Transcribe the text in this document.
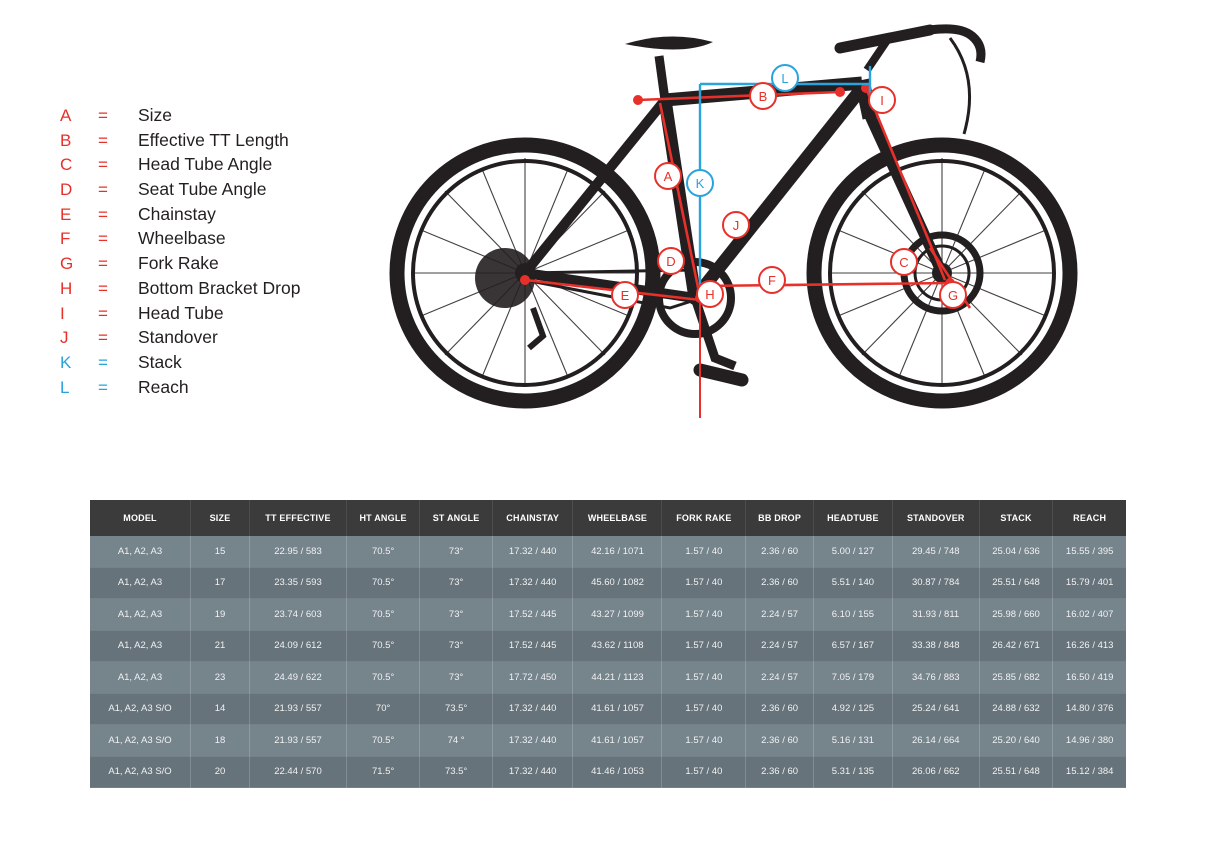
A	=	Size
B	=	Effective TT Length
C	=	Head Tube Angle
D	=	Seat Tube Angle
E	=	Chainstay
F	=	Wheelbase
G	=	Fork Rake
H	=	Bottom Bracket Drop
I	=	Head Tube
J	=	Standover
K	=	Stack
L	=	Reach
A
B
C
D
E
F
G
H
I
J
K
L
MODEL	SIZE	TT EFFECTIVE	HT ANGLE	ST ANGLE	CHAINSTAY	WHEELBASE	FORK RAKE	BB DROP	HEADTUBE	STANDOVER	STACK	REACH
A1, A2, A3	15	22.95 / 583	70.5°	73°	17.32 / 440	42.16 / 1071	1.57 / 40	2.36 / 60	5.00 / 127	29.45 / 748	25.04 / 636	15.55 / 395
A1, A2, A3	17	23.35 / 593	70.5°	73°	17.32 / 440	45.60 / 1082	1.57 / 40	2.36 / 60	5.51 / 140	30.87 / 784	25.51 / 648	15.79 / 401
A1, A2, A3	19	23.74 / 603	70.5°	73°	17.52 / 445	43.27 / 1099	1.57 / 40	2.24 / 57	6.10 / 155	31.93 / 811	25.98 / 660	16.02 / 407
A1, A2, A3	21	24.09 / 612	70.5°	73°	17.52 / 445	43.62 / 1108	1.57 / 40	2.24 / 57	6.57 / 167	33.38 / 848	26.42 / 671	16.26 / 413
A1, A2, A3	23	24.49 / 622	70.5°	73°	17.72 / 450	44.21 / 1123	1.57 / 40	2.24 / 57	7.05 / 179	34.76 / 883	25.85 / 682	16.50 / 419
A1, A2, A3 S/O	14	21.93 / 557	70°	73.5°	17.32 / 440	41.61 / 1057	1.57 / 40	2.36 / 60	4.92 / 125	25.24 / 641	24.88 / 632	14.80 / 376
A1, A2, A3 S/O	18	21.93 / 557	70.5°	74 °	17.32 / 440	41.61 / 1057	1.57 / 40	2.36 / 60	5.16 / 131	26.14 / 664	25.20 / 640	14.96 / 380
A1, A2, A3 S/O	20	22.44 / 570	71.5°	73.5°	17.32 / 440	41.46 / 1053	1.57 / 40	2.36 / 60	5.31 / 135	26.06 / 662	25.51 / 648	15.12 / 384
